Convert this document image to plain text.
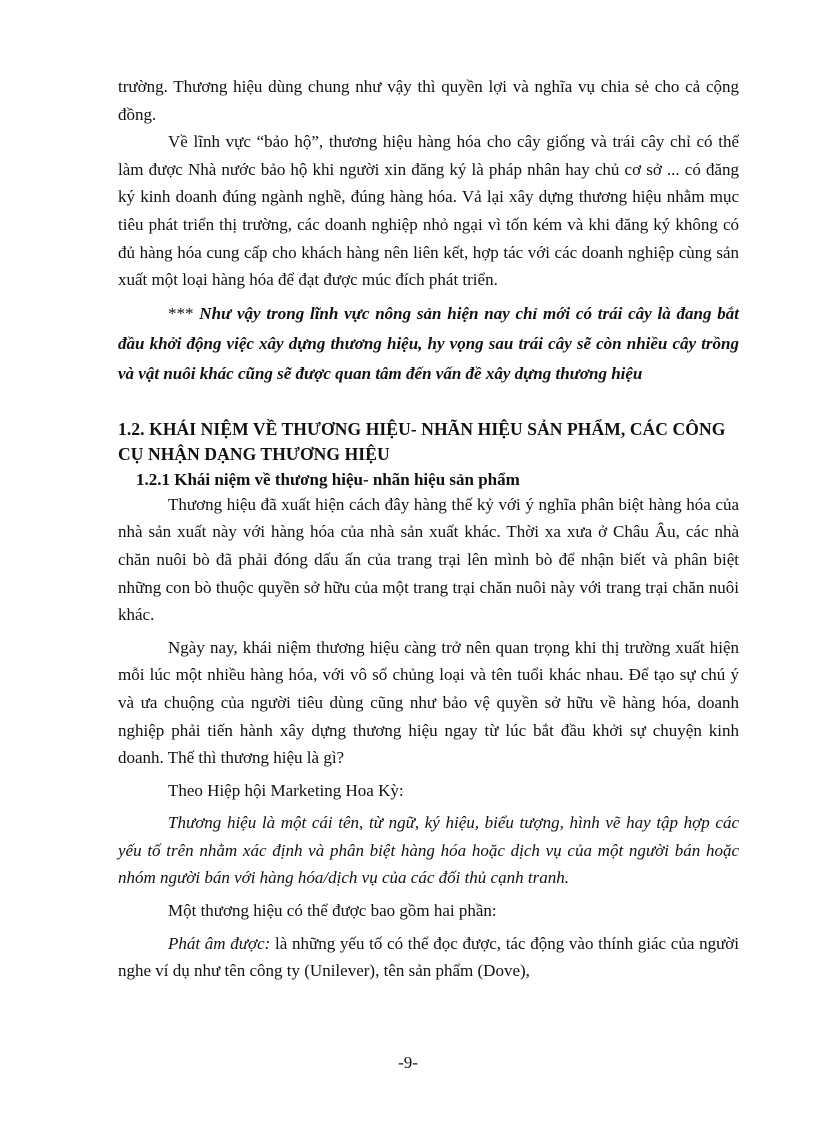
trường. Thương hiệu dùng chung như vậy thì quyền lợi và nghĩa vụ chia sẻ cho cả cộng đồng.

Về lĩnh vực “bảo hộ”, thương hiệu hàng hóa cho cây giống và trái cây chỉ có thể làm được Nhà nước bảo hộ khi người xin đăng ký là pháp nhân hay chủ cơ sở ... có đăng ký kinh doanh đúng ngành nghề, đúng hàng hóa. Vả lại xây dựng thương hiệu nhằm mục tiêu phát triển thị trường, các doanh nghiệp nhỏ ngại vì tốn kém và khi đăng ký không có đủ hàng hóa cung cấp cho khách hàng nên liên kết, hợp tác với các doanh nghiệp cùng sản xuất một loại hàng hóa để đạt được múc đích phát triển.

*** Như vậy trong lĩnh vực nông sản hiện nay chỉ mới có trái cây là đang bắt đầu khởi động việc xây dựng thương hiệu, hy vọng sau trái cây sẽ còn nhiều cây trồng và vật nuôi khác cũng sẽ được quan tâm đến vấn đề xây dựng thương hiệu

1.2. KHÁI NIỆM VỀ THƯƠNG HIỆU- NHÃN HIỆU SẢN PHẨM, CÁC CÔNG CỤ NHẬN DẠNG THƯƠNG HIỆU
1.2.1 Khái niệm về thương hiệu- nhãn hiệu sản phẩm

Thương hiệu đã xuất hiện cách đây hàng thế kỷ với ý nghĩa phân biệt hàng hóa của nhà sản xuất này với hàng hóa của nhà sản xuất khác. Thời xa xưa ở Châu Âu, các nhà chăn nuôi bò đã phải đóng dấu ấn của trang trại lên mình bò để nhận biết và phân biệt những con bò thuộc quyền sở hữu của một trang trại chăn nuôi này với trang trại chăn nuôi khác.

Ngày nay, khái niệm thương hiệu càng trở nên quan trọng khi thị trường xuất hiện mỗi lúc một nhiều hàng hóa, với vô số chủng loại và tên tuổi khác nhau. Để tạo sự chú ý và ưa chuộng của người tiêu dùng cũng như bảo vệ quyền sở hữu về hàng hóa, doanh nghiệp phải tiến hành xây dựng thương hiệu ngay từ lúc bắt đầu khởi sự chuyện kinh doanh. Thế thì thương hiệu là gì?

Theo Hiệp hội Marketing Hoa Kỳ:

Thương hiệu là một cái tên, từ ngữ, ký hiệu, biểu tượng, hình vẽ hay tập hợp các yếu tố trên nhằm xác định và phân biệt hàng hóa hoặc dịch vụ của một người bán hoặc nhóm người bán với hàng hóa/dịch vụ của các đối thủ cạnh tranh.

Một thương hiệu có thể được bao gồm hai phần:

Phát âm được: là những yếu tố có thể đọc được, tác động vào thính giác của người nghe ví dụ như tên công ty (Unilever), tên sản phẩm (Dove),

-9-
